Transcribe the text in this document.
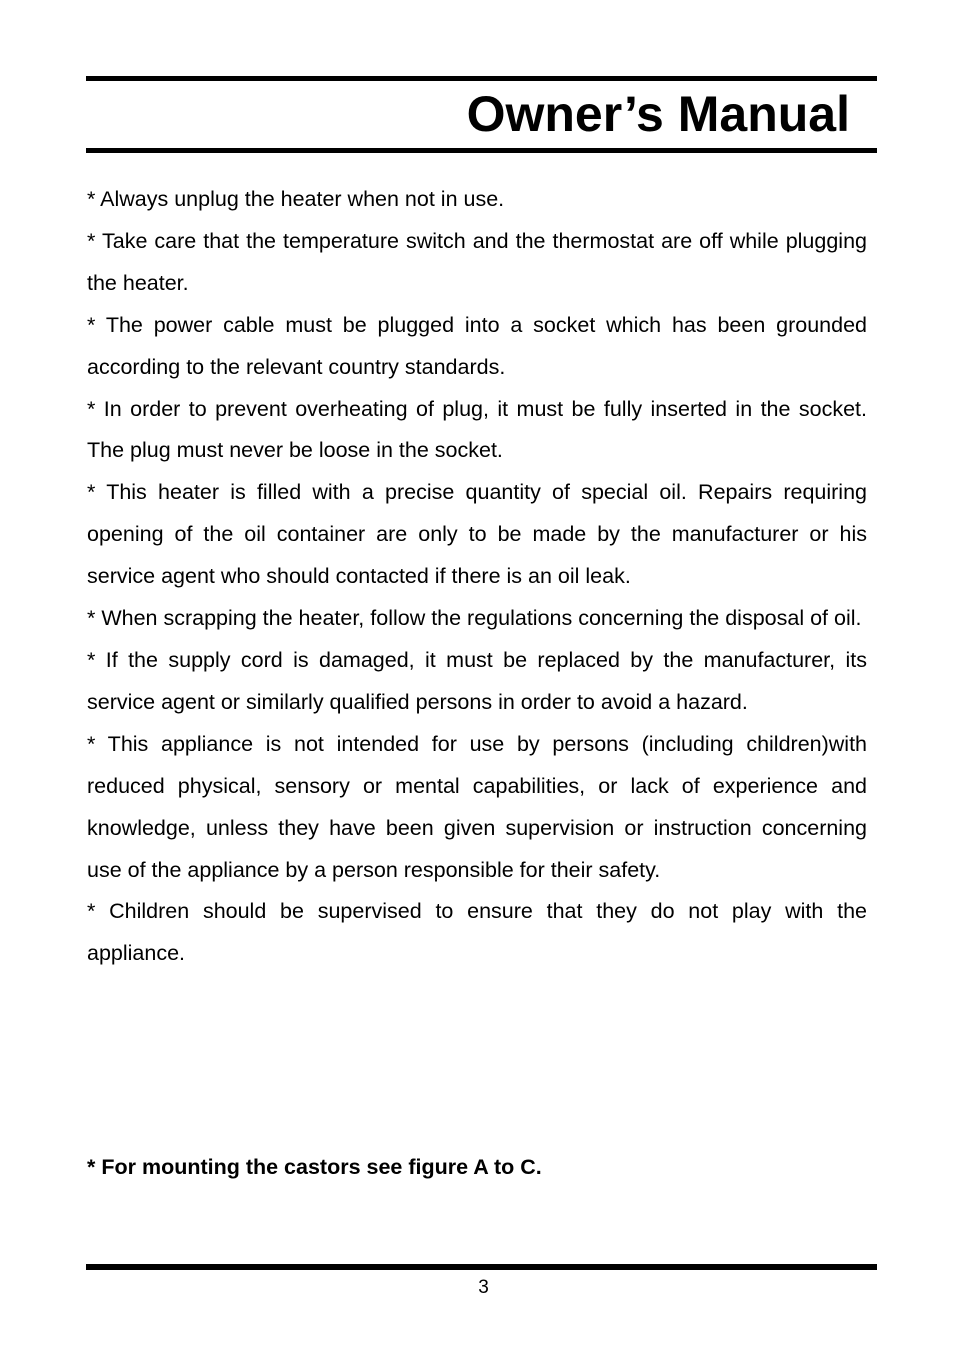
Owner’s Manual

* Always unplug the heater when not in use.

* Take care that the temperature switch and the thermostat are off while plugging the heater.

* The power cable must be plugged into a socket which has been grounded according to the relevant country standards.

* In order to prevent overheating of plug, it must be fully inserted in the socket. The plug must never be loose in the socket.

* This heater is filled with a precise quantity of special oil. Repairs requiring opening of the oil container are only to be made by the manufacturer or his service agent who should contacted if there is an oil leak.

* When scrapping the heater, follow the regulations concerning the disposal of oil.

* If the supply cord is damaged, it must be replaced by the manufacturer, its service agent or similarly qualified persons in order to avoid a hazard.

* This appliance is not intended for use by persons (including children)with reduced physical, sensory or mental capabilities, or lack of experience and knowledge, unless they have been given supervision or instruction concerning use of the appliance by a person responsible for their safety.

* Children should be supervised to ensure that they do not play with the appliance.

* For mounting the castors see figure A to C.

3
